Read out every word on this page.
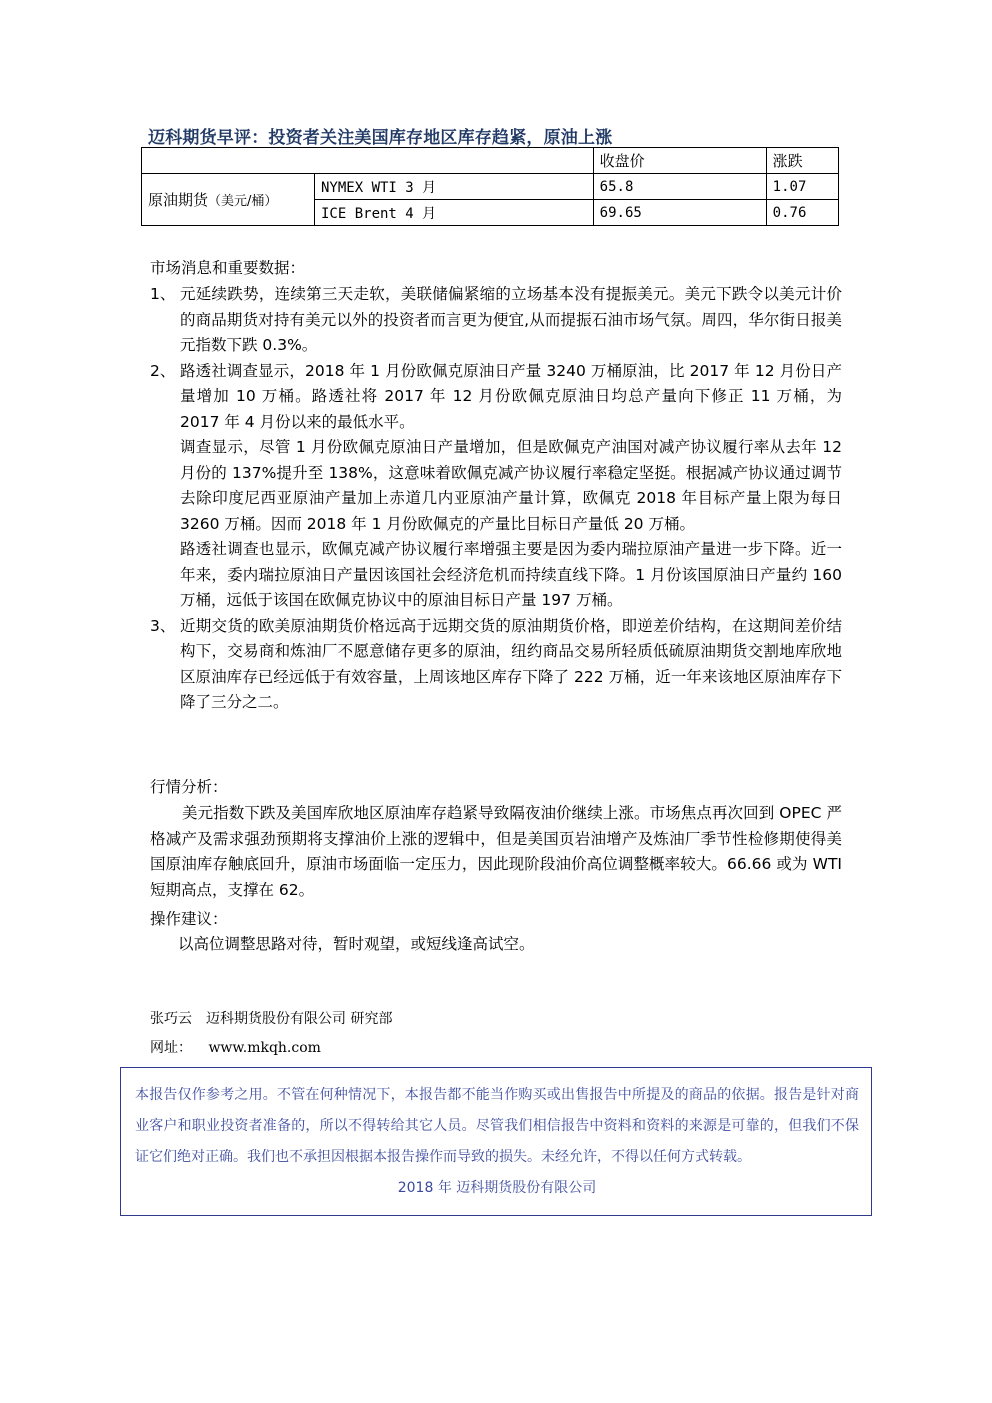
迈科期货早评：投资者关注美国库存地区库存趋紧，原油上涨
		收盘价	涨跌
原油期货（美元/桶）	NYMEX WTI 3 月	65.8	1.07
	ICE Brent 4 月	69.65	0.76
市场消息和重要数据：
1、 元延续跌势，连续第三天走软，美联储偏紧缩的立场基本没有提振美元。美元下跌令以美元计价的商品期货对持有美元以外的投资者而言更为便宜,从而提振石油市场气氛。周四，华尔街日报美元指数下跌 0.3%。
2、 路透社调查显示，2018 年 1 月份欧佩克原油日产量 3240 万桶原油，比 2017 年 12 月份日产量增加 10 万桶。路透社将 2017 年 12 月份欧佩克原油日均总产量向下修正 11 万桶，为 2017 年 4 月份以来的最低水平。
调查显示，尽管 1 月份欧佩克原油日产量增加，但是欧佩克产油国对减产协议履行率从去年 12 月份的 137%提升至 138%，这意味着欧佩克减产协议履行率稳定坚挺。根据减产协议通过调节去除印度尼西亚原油产量加上赤道几内亚原油产量计算，欧佩克 2018 年目标产量上限为每日 3260 万桶。因而 2018 年 1 月份欧佩克的产量比目标日产量低 20 万桶。
路透社调查也显示，欧佩克减产协议履行率增强主要是因为委内瑞拉原油产量进一步下降。近一年来，委内瑞拉原油日产量因该国社会经济危机而持续直线下降。1 月份该国原油日产量约 160 万桶，远低于该国在欧佩克协议中的原油目标日产量 197 万桶。
3、 近期交货的欧美原油期货价格远高于远期交货的原油期货价格，即逆差价结构，在这期间差价结构下，交易商和炼油厂不愿意储存更多的原油，纽约商品交易所轻质低硫原油期货交割地库欣地区原油库存已经远低于有效容量，上周该地区库存下降了 222 万桶，近一年来该地区原油库存下降了三分之二。
行情分析：
美元指数下跌及美国库欣地区原油库存趋紧导致隔夜油价继续上涨。市场焦点再次回到 OPEC 严格减产及需求强劲预期将支撑油价上涨的逻辑中，但是美国页岩油增产及炼油厂季节性检修期使得美国原油库存触底回升，原油市场面临一定压力，因此现阶段油价高位调整概率较大。66.66 或为 WTI 短期高点，支撑在 62。
操作建议：
以高位调整思路对待，暂时观望，或短线逢高试空。
张巧云　迈科期货股份有限公司 研究部
网址： www.mkqh.com
本报告仅作参考之用。不管在何种情况下，本报告都不能当作购买或出售报告中所提及的商品的依据。报告是针对商业客户和职业投资者准备的，所以不得转给其它人员。尽管我们相信报告中资料和资料的来源是可靠的，但我们不保证它们绝对正确。我们也不承担因根据本报告操作而导致的损失。未经允许，不得以任何方式转载。
2018 年 迈科期货股份有限公司
